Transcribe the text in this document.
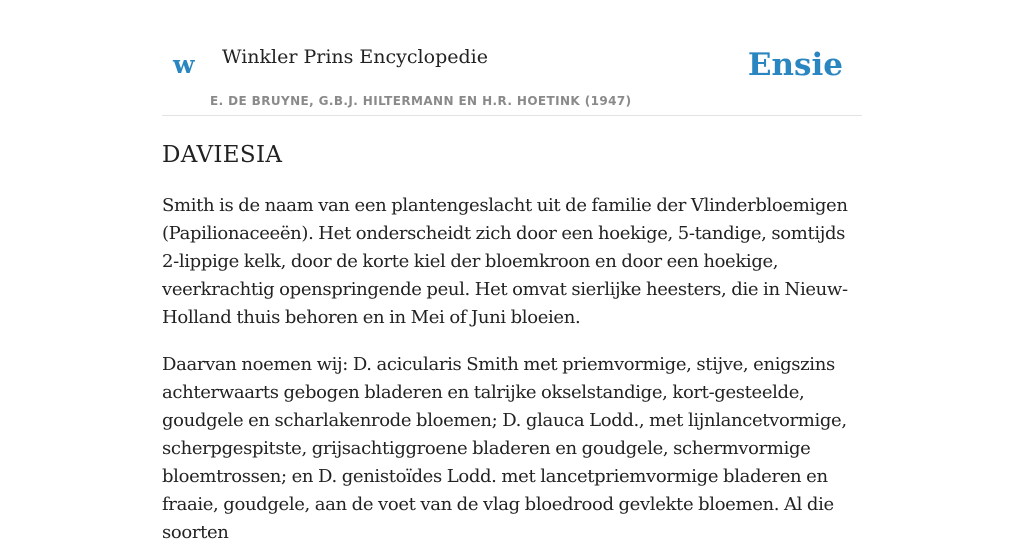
w Winkler Prins Encyclopedie
E. DE BRUYNE, G.B.J. HILTERMANN EN H.R. HOETINK (1947)
Ensie
DAVIESIA

Smith is de naam van een plantengeslacht uit de familie der Vlinderbloemigen (Papilionaceeën). Het onderscheidt zich door een hoekige, 5-tandige, somtijds 2-lippige kelk, door de korte kiel der bloemkroon en door een hoekige, veerkrachtig openspringende peul. Het omvat sierlijke heesters, die in Nieuw-Holland thuis behoren en in Mei of Juni bloeien.

Daarvan noemen wij: D. acicularis Smith met priemvormige, stijve, enigszins achterwaarts gebogen bladeren en talrijke okselstandige, kort-gesteelde, goudgele en scharlakenrode bloemen; D. glauca Lodd., met lijnlancetvormige, scherpgespitste, grijsachtiggroene bladeren en goudgele, schermvormige bloemtrossen; en D. genistoïdes Lodd. met lancetpriemvormige bladeren en fraaie, goudgele, aan de voet van de vlag bloedrood gevlekte bloemen. Al die soorten
